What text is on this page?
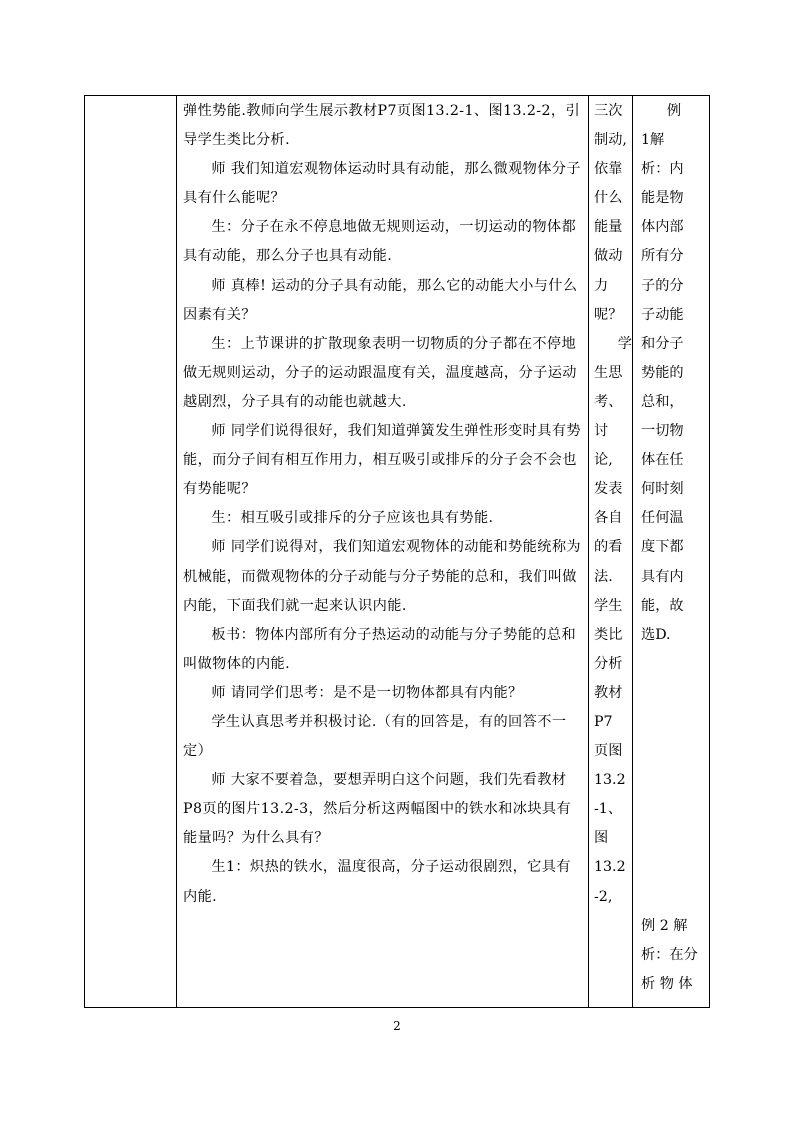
弹性势能.教师向学生展示教材P7页图13.2-1、图13.2-2，引导学生类比分析.

师 我们知道宏观物体运动时具有动能，那么微观物体分子具有什么能呢？

生：分子在永不停息地做无规则运动，一切运动的物体都具有动能，那么分子也具有动能.

师 真棒! 运动的分子具有动能，那么它的动能大小与什么因素有关？

生：上节课讲的扩散现象表明一切物质的分子都在不停地做无规则运动，分子的运动跟温度有关，温度越高，分子运动越剧烈，分子具有的动能也就越大.

师 同学们说得很好，我们知道弹簧发生弹性形变时具有势能，而分子间有相互作用力，相互吸引或排斥的分子会不会也有势能呢？

生：相互吸引或排斥的分子应该也具有势能.

师 同学们说得对，我们知道宏观物体的动能和势能统称为机械能，而微观物体的分子动能与分子势能的总和，我们叫做内能，下面我们就一起来认识内能.

板书：物体内部所有分子热运动的动能与分子势能的总和叫做物体的内能.

师 请同学们思考：是不是一切物体都具有内能？

学生认真思考并积极讨论.（有的回答是，有的回答不一定）

师 大家不要着急，要想弄明白这个问题，我们先看教材P8页的图片13.2-3，然后分析这两幅图中的铁水和冰块具有能量吗？为什么具有？

生1：炽热的铁水，温度很高，分子运动很剧烈，它具有内能.

三次
制动,
依靠
什么
能量
做动
力
呢？
学
生思
考、
讨
论,
发表
各自
的看
法.
学生
类比
分析
教材
P7
页图
13.2
-1、
图
13.2
-2,
例
1解
析：内
能是物
体内部
所有分
子的分
子动能
和分子
势能的
总和，
一切物
体在任
何时刻
任何温
度下都
具有内
能，故
选D.
例 2 解
析：在分
析 物 体
2
